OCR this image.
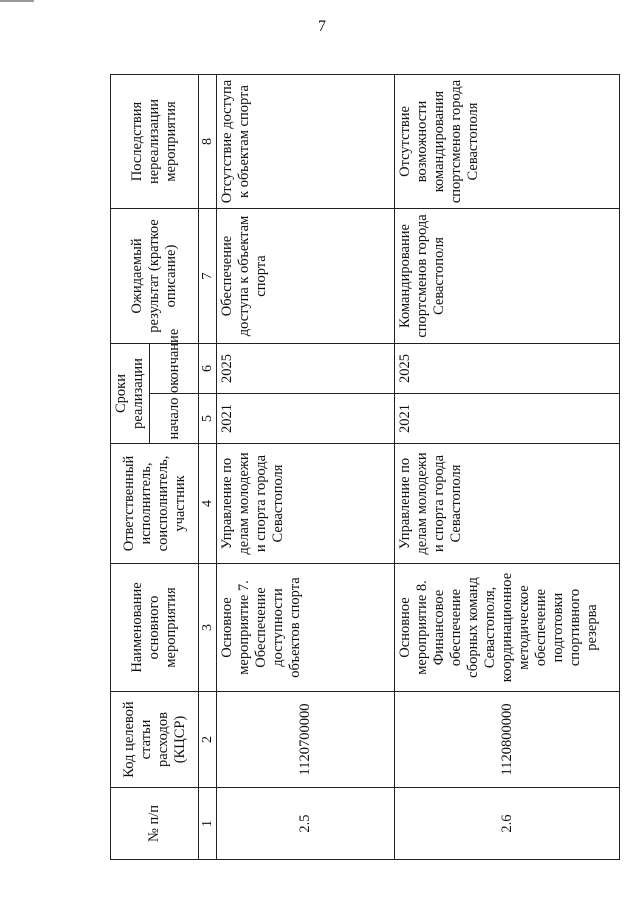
7
№ п/п	Код целевой статьи расходов (КЦСР)	Наименование основного мероприятия	Ответственный исполнитель, соисполнитель, участник	Сроки реализации		Ожидаемый результат (краткое описание)	Последствия нереализации мероприятия
				начало	окончание		
1	2	3	4	5	6	7	8
2.5	1120700000	Основное мероприятие 7. Обеспечение доступности объектов спорта	Управление по делам молодежи и спорта города Севастополя	2021	2025	Обеспечение доступа к объектам спорта	Отсутствие доступа к объектам спорта
2.6	1120800000	Основное мероприятие 8. Финансовое обеспечение сборных команд Севастополя, координационное методическое обеспечение подготовки спортивного резерва	Управление по делам молодежи и спорта города Севастополя	2021	2025	Командирование спортсменов города Севастополя	Отсутствие возможности командирования спортсменов города Севастополя
